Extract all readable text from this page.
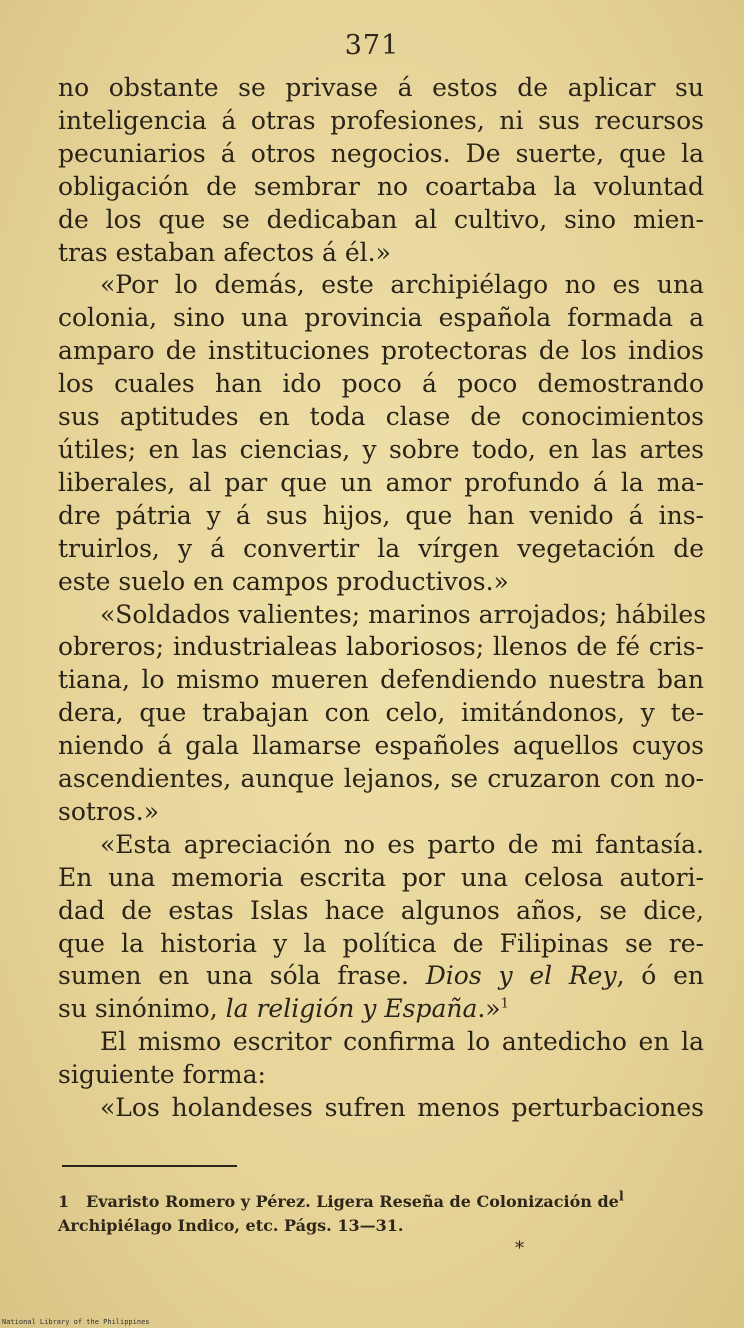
371
no obstante se privase á estos de aplicar su
inteligencia á otras profesiones, ni sus recursos
pecuniarios á otros negocios. De suerte, que la
obligación de sembrar no coartaba la voluntad
de los que se dedicaban al cultivo, sino mien-
tras estaban afectos á él.»
«Por lo demás, este archipiélago no es una
colonia, sino una provincia española formada a
amparo de instituciones protectoras de los indios
los cuales han ido poco á poco demostrando
sus aptitudes en toda clase de conocimientos
útiles; en las ciencias, y sobre todo, en las artes
liberales, al par que un amor profundo á la ma-
dre pátria y á sus hijos, que han venido á ins-
truirlos, y á convertir la vírgen vegetación de
este suelo en campos productivos.»
«Soldados valientes; marinos arrojados; hábiles
obreros; industrialeas laboriosos; llenos de fé cris-
tiana, lo mismo mueren defendiendo nuestra ban
dera, que trabajan con celo, imitándonos, y te-
niendo á gala llamarse españoles aquellos cuyos
ascendientes, aunque lejanos, se cruzaron con no-
sotros.»
«Esta apreciación no es parto de mi fantasía.
En una memoria escrita por una celosa autori-
dad de estas Islas hace algunos años, se dice,
que la historia y la política de Filipinas se re-
sumen en una sóla frase. Dios y el Rey, ó en
su sinónimo, la religión y España.»$^1$
El mismo escritor confirma lo antedicho en la
siguiente forma:
«Los holandeses sufren menos perturbaciones
1 Evaristo Romero y Pérez. Ligera Reseña de Colonización $de^l$
Archipiélago Indico, etc. Págs. 13—31.
*
National Library of the Philippines
